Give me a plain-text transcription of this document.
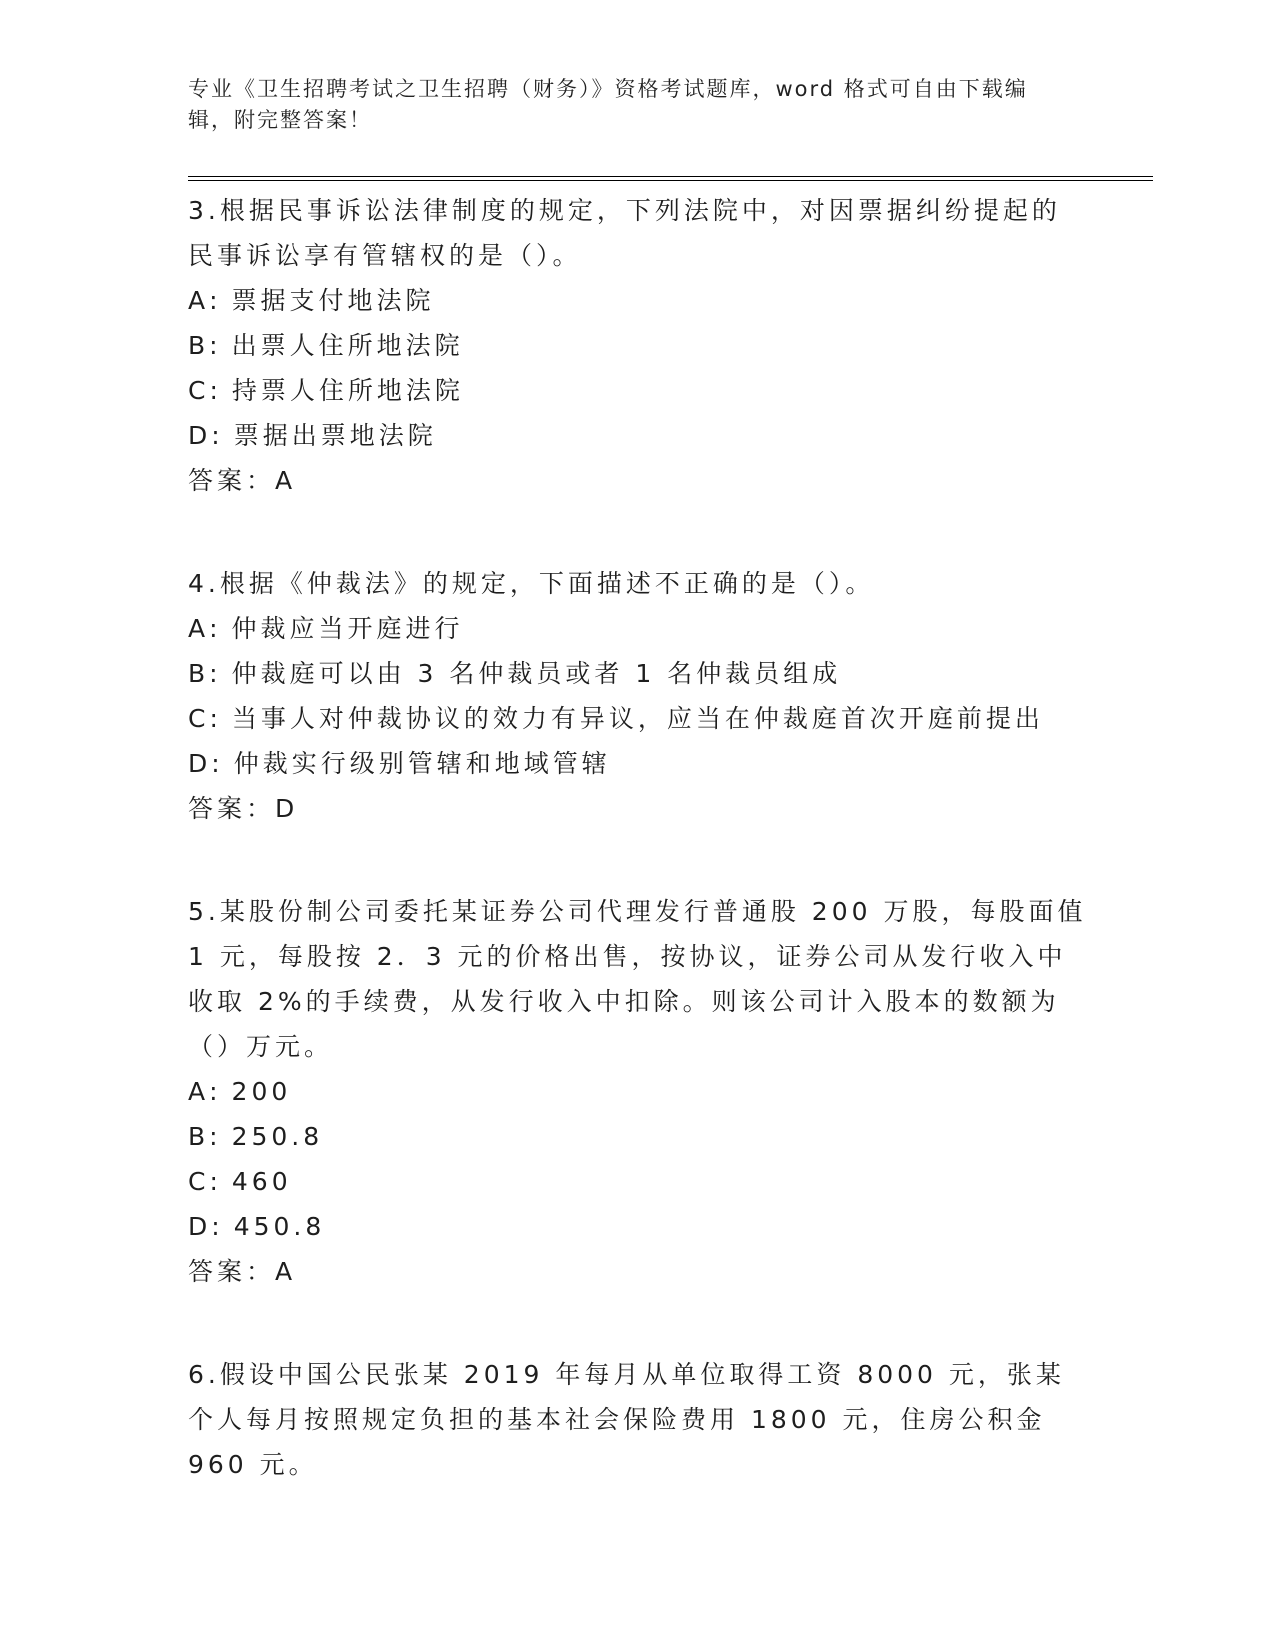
专业《卫生招聘考试之卫生招聘（财务）》资格考试题库，word 格式可自由下载编辑，附完整答案！
3.根据民事诉讼法律制度的规定，下列法院中，对因票据纠纷提起的民事诉讼享有管辖权的是（）。
A: 票据支付地法院
B: 出票人住所地法院
C: 持票人住所地法院
D: 票据出票地法院
答案：A
4.根据《仲裁法》的规定，下面描述不正确的是（）。
A: 仲裁应当开庭进行
B: 仲裁庭可以由 3 名仲裁员或者 1 名仲裁员组成
C: 当事人对仲裁协议的效力有异议，应当在仲裁庭首次开庭前提出
D: 仲裁实行级别管辖和地域管辖
答案：D
5.某股份制公司委托某证券公司代理发行普通股 200 万股，每股面值 1 元，每股按 2．3 元的价格出售，按协议，证券公司从发行收入中收取 2%的手续费，从发行收入中扣除。则该公司计入股本的数额为（）万元。
A: 200
B: 250.8
C: 460
D: 450.8
答案：A
6.假设中国公民张某 2019 年每月从单位取得工资 8000 元，张某个人每月按照规定负担的基本社会保险费用 1800 元，住房公积金 960 元。
